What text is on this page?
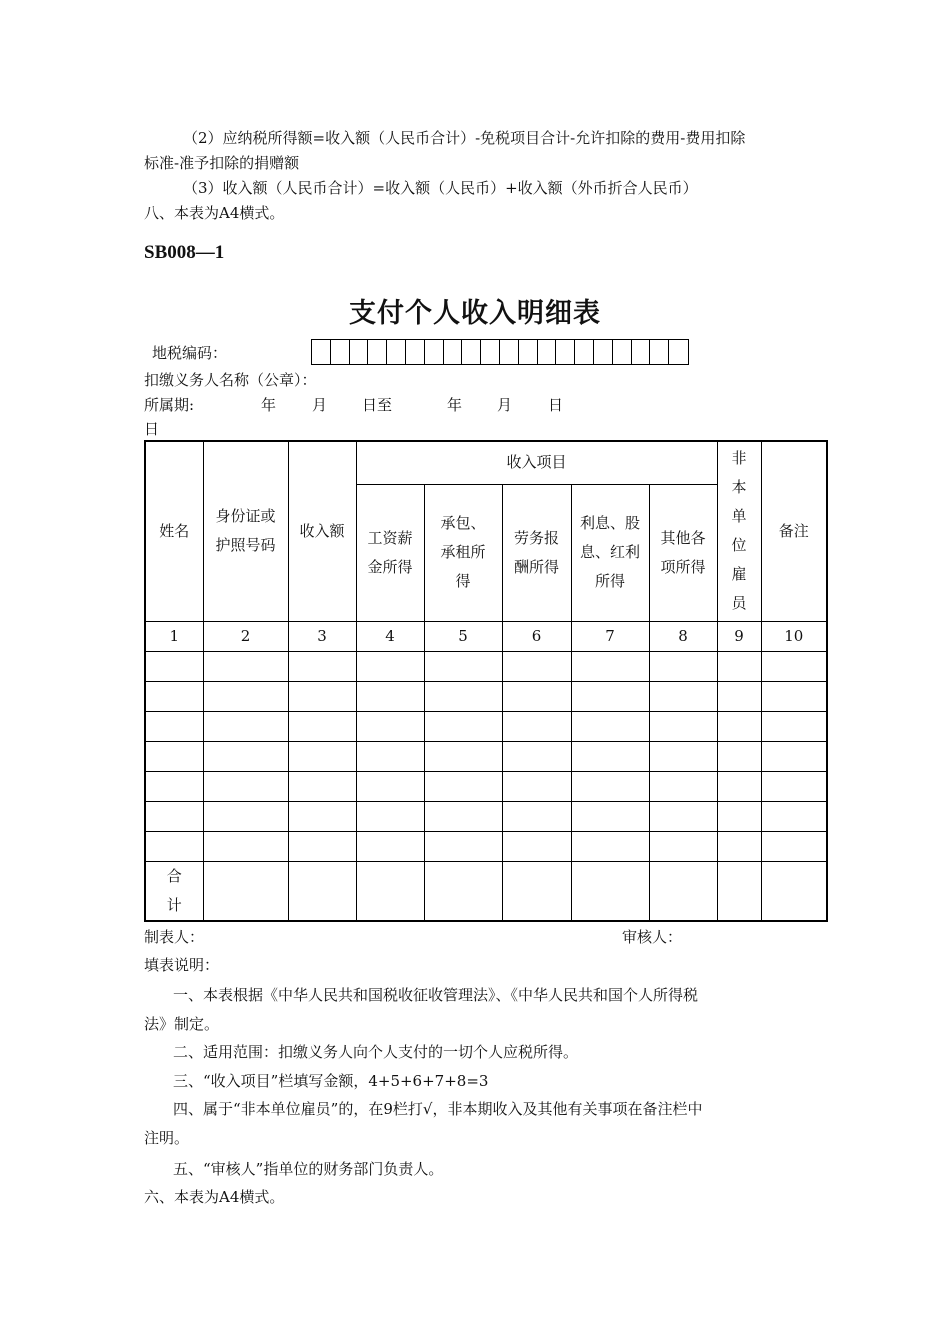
（2）应纳税所得额=收入额（人民币合计）-免税项目合计-允许扣除的费用-费用扣除
标准-准予扣除的捐赠额
（3）收入额（人民币合计）=收入额（人民币）+收入额（外币折合人民币）
八、本表为A4横式。
SB008—1
支付个人收入明细表
地税编码：
扣缴义务人名称（公章）：
所属期:	年 月 日至	年 月 日
日
姓名	身份证或护照号码	收入额	收入项目					非本单位雇员	备注
			工资薪金所得	承包、承租所得	劳务报酬所得	利息、股息、红利所得	其他各项所得		
1	2	3	4	5	6	7	8	9	10

合计									
制表人：	审核人：
填表说明：
一、本表根据《中华人民共和国税收征收管理法》、《中华人民共和国个人所得税
法》制定。
二、适用范围：扣缴义务人向个人支付的一切个人应税所得。
三、“收入项目”栏填写金额，4+5+6+7+8=3
四、属于“非本单位雇员”的，在9栏打√，非本期收入及其他有关事项在备注栏中
注明。
五、“审核人”指单位的财务部门负责人。
六、本表为A4横式。
